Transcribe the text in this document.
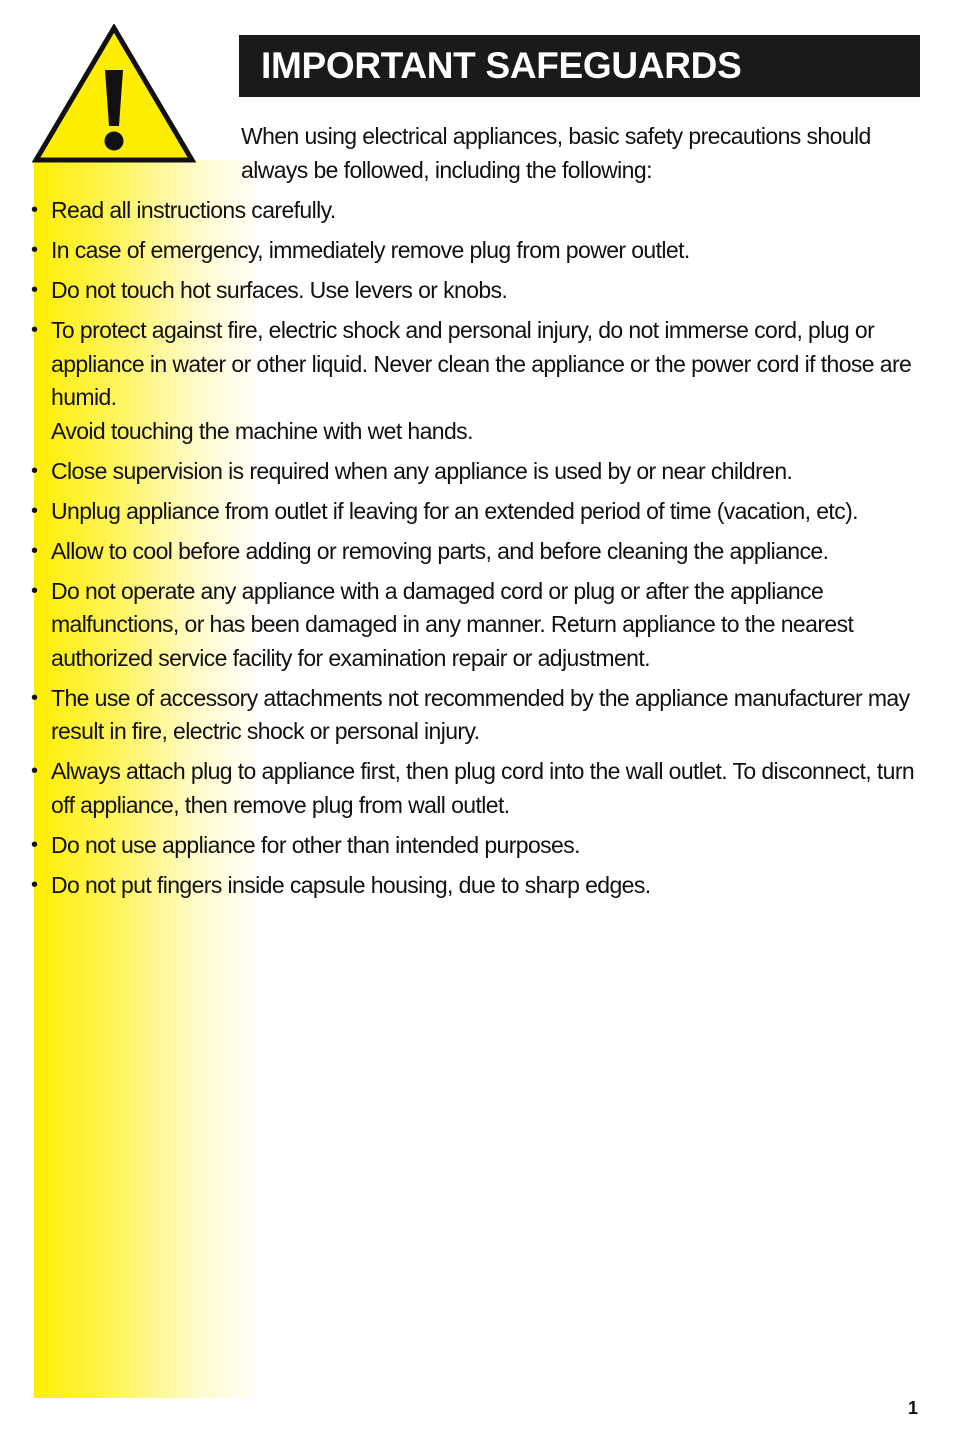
IMPORTANT SAFEGUARDS
When using electrical appliances, basic safety precautions should always be followed, including the following:
• Read all instructions carefully.
• In case of emergency, immediately remove plug from power outlet.
• Do not touch hot surfaces. Use levers or knobs.
• To protect against fire, electric shock and personal injury, do not immerse cord, plug or appliance in water or other liquid. Never clean the appliance or the power cord if those are humid.
Avoid touching the machine with wet hands.
• Close supervision is required when any appliance is used by or near children.
• Unplug appliance from outlet if leaving for an extended period of time (vacation, etc).
• Allow to cool before adding or removing parts, and before cleaning the appliance.
• Do not operate any appliance with a damaged cord or plug or after the appliance malfunctions, or has been damaged in any manner. Return appliance to the nearest authorized service facility for examination repair or adjustment.
• The use of accessory attachments not recommended by the appliance manufacturer may result in fire, electric shock or personal injury.
• Always attach plug to appliance first, then plug cord into the wall outlet. To disconnect, turn off appliance, then remove plug from wall outlet.
• Do not use appliance for other than intended purposes.
• Do not put fingers inside capsule housing, due to sharp edges.
1
